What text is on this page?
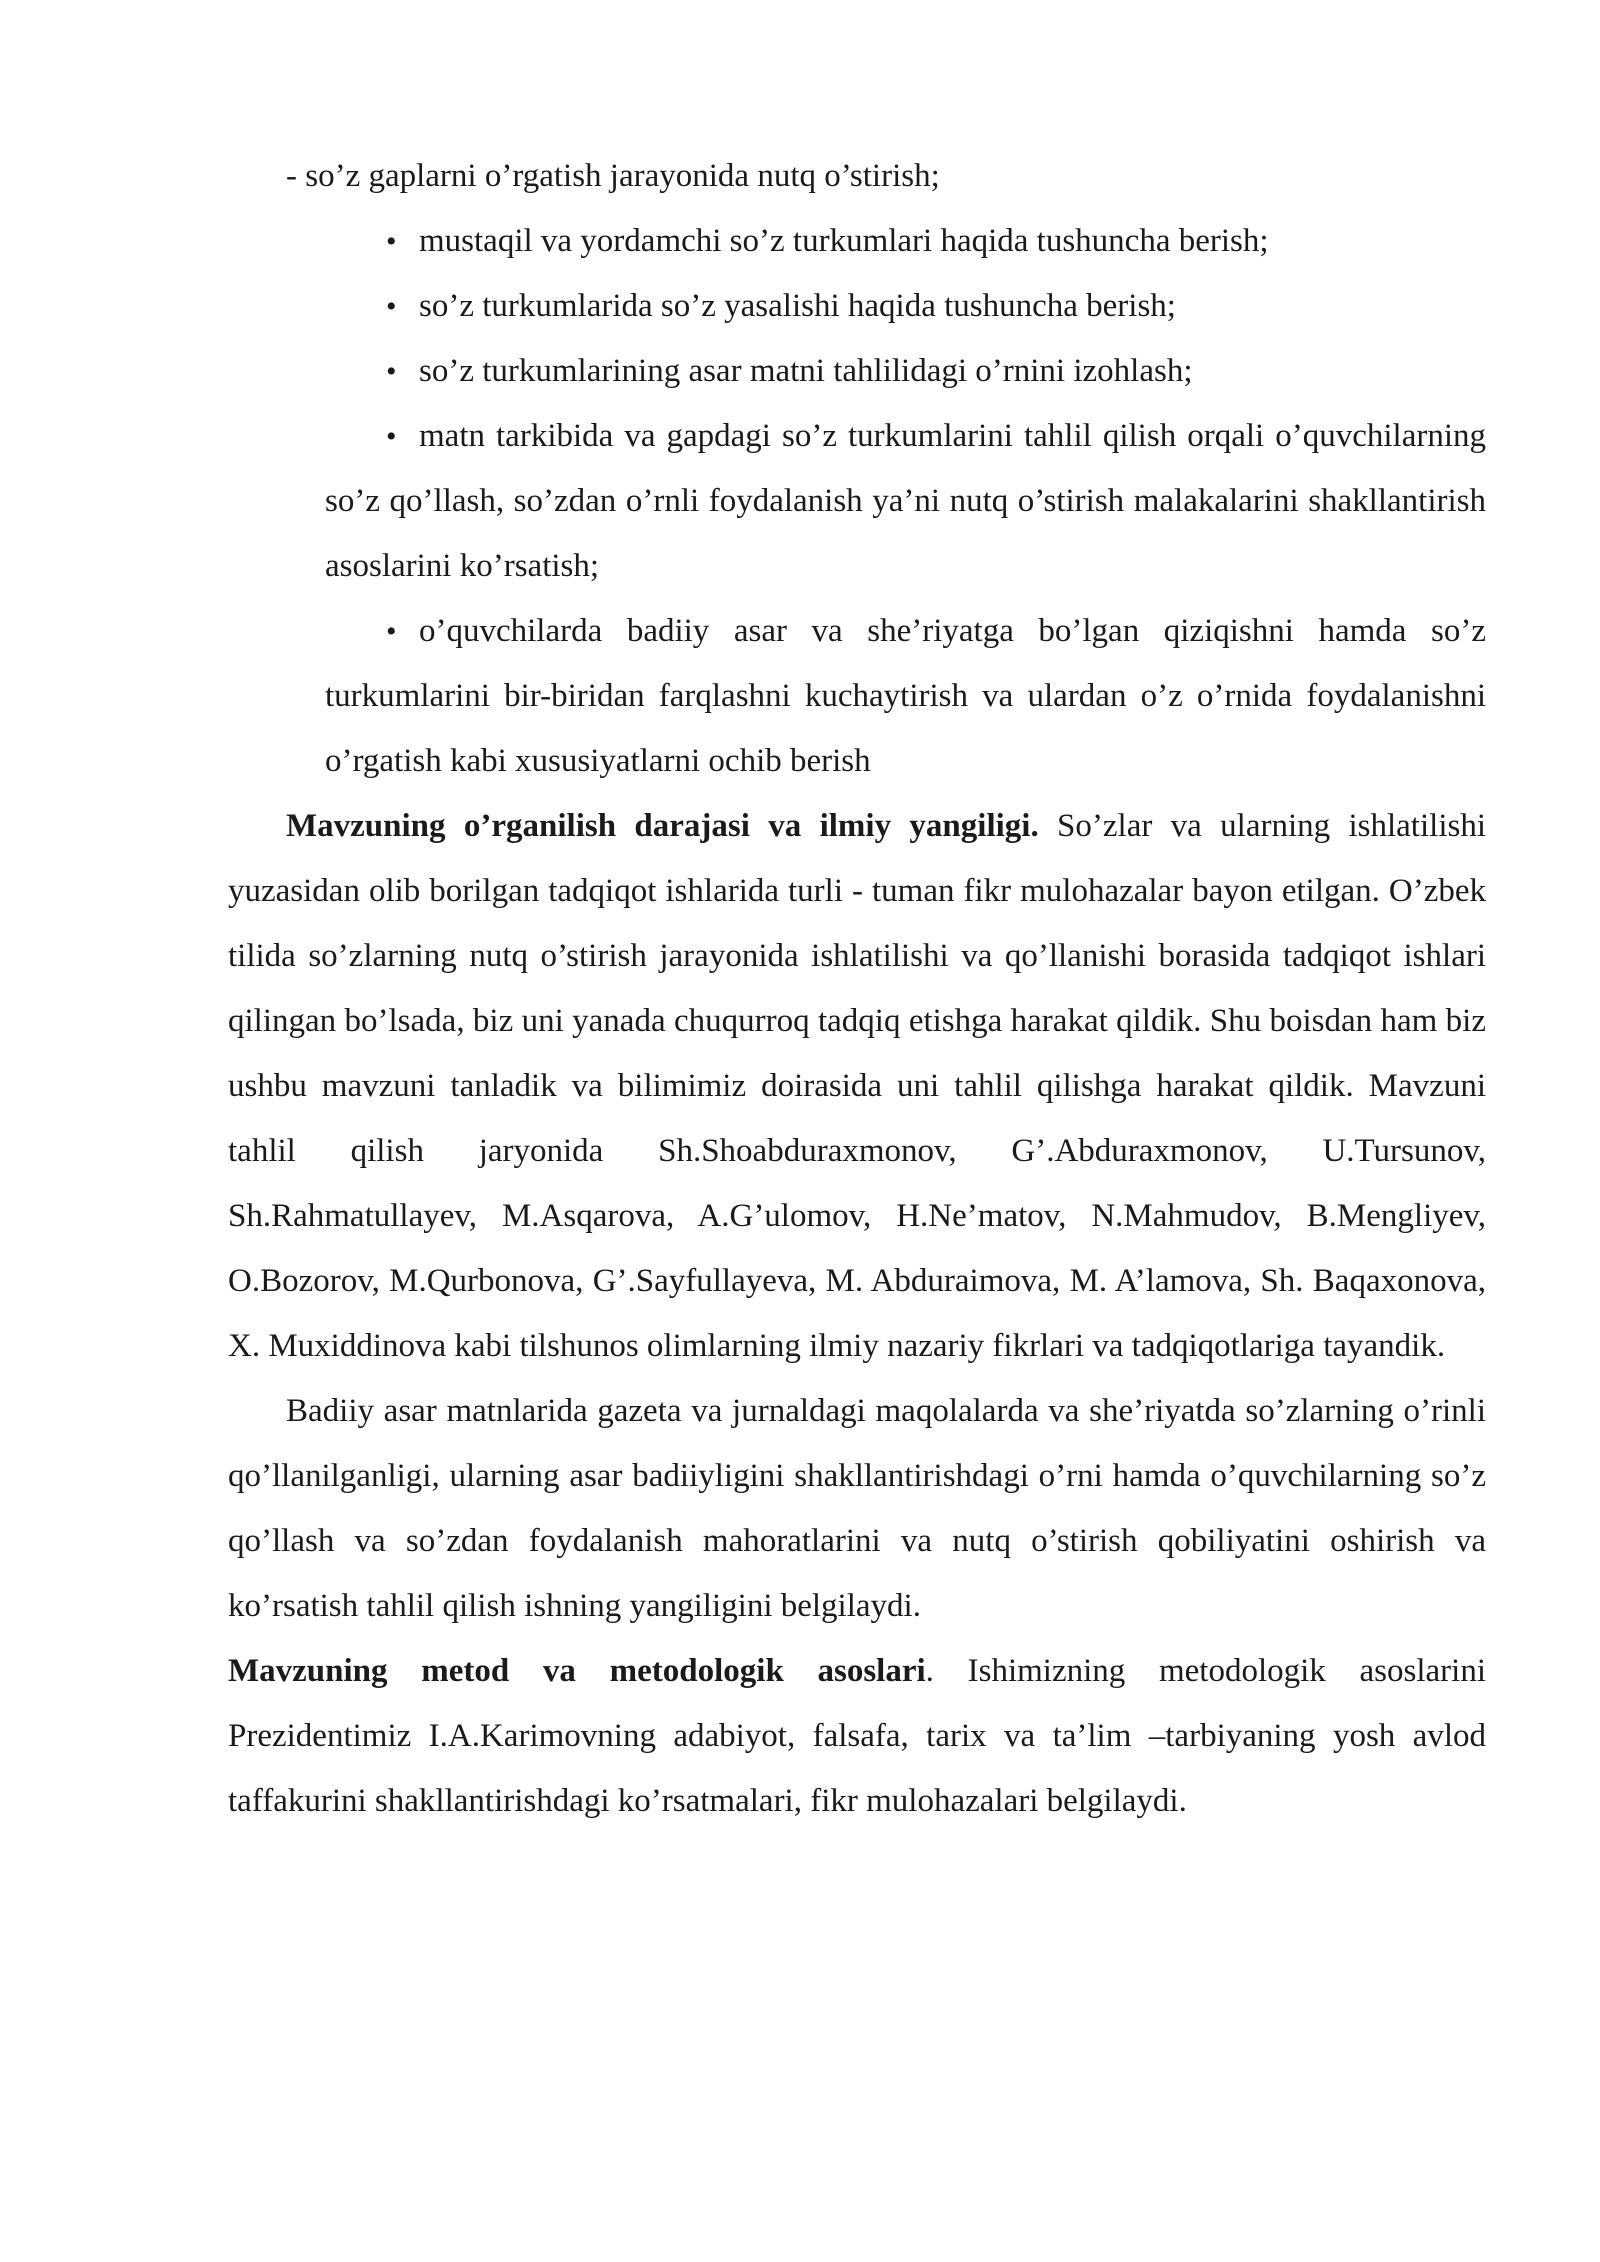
- so’z gaplarni o’rgatish jarayonida nutq o’stirish;
• mustaqil va yordamchi so’z turkumlari haqida tushuncha berish;
• so’z turkumlarida so’z yasalishi haqida tushuncha berish;
• so’z turkumlarining asar matni tahlilidagi o’rnini izohlash;
• matn tarkibida va gapdagi so’z turkumlarini tahlil qilish orqali o’quvchilarning so’z qo’llash, so’zdan o’rnli foydalanish ya’ni nutq o’stirish malakalarini shakllantirish asoslarini ko’rsatish;
• o’quvchilarda badiiy asar va she’riyatga bo’lgan qiziqishni hamda so’z turkumlarini bir-biridan farqlashni kuchaytirish va ulardan o’z o’rnida foydalanishni o’rgatish kabi xususiyatlarni ochib berish

Mavzuning o’rganilish darajasi va ilmiy yangiligi. So’zlar va ularning ishlatilishi yuzasidan olib borilgan tadqiqot ishlarida turli - tuman fikr mulohazalar bayon etilgan. O’zbek tilida so’zlarning nutq o’stirish jarayonida ishlatilishi va qo’llanishi borasida tadqiqot ishlari qilingan bo’lsada, biz uni yanada chuqurroq tadqiq etishga harakat qildik. Shu boisdan ham biz ushbu mavzuni tanladik va bilimimiz doirasida uni tahlil qilishga harakat qildik. Mavzuni tahlil qilish jaryonida Sh.Shoabduraxmonov, G’.Abduraxmonov, U.Tursunov, Sh.Rahmatullayev, M.Asqarova, A.G’ulomov, H.Ne’matov, N.Mahmudov, B.Mengliyev, O.Bozorov, M.Qurbonova, G’.Sayfullayeva, M. Abduraimova, M. A’lamova, Sh. Baqaxonova, X. Muxiddinova kabi tilshunos olimlarning ilmiy nazariy fikrlari va tadqiqotlariga tayandik.

Badiiy asar matnlarida gazeta va jurnaldagi maqolalarda va she’riyatda so’zlarning o’rinli qo’llanilganligi, ularning asar badiiyligini shakllantirishdagi o’rni hamda o’quvchilarning so’z qo’llash va so’zdan foydalanish mahoratlarini va nutq o’stirish qobiliyatini oshirish va ko’rsatish tahlil qilish ishning yangiligini belgilaydi.

Mavzuning metod va metodologik asoslari. Ishimizning metodologik asoslarini Prezidentimiz I.A.Karimovning adabiyot, falsafa, tarix va ta’lim –tarbiyaning yosh avlod taffakurini shakllantirishdagi ko’rsatmalari, fikr mulohazalari belgilaydi.
